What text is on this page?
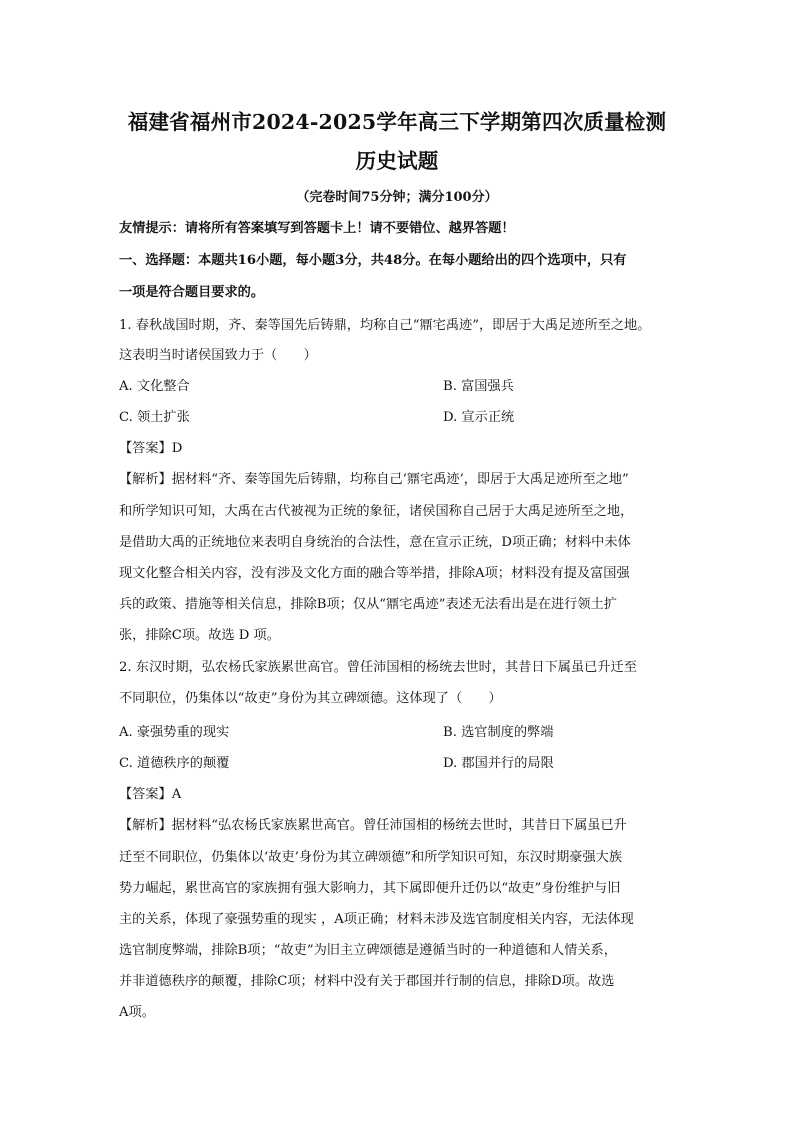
福建省福州市2024-2025学年高三下学期第四次质量检测
历史试题
（完卷时间75分钟；满分100分）
友情提示：请将所有答案填写到答题卡上！请不要错位、越界答题！
一、选择题：本题共16小题，每小题3分，共48分。在每小题给出的四个选项中，只有
一项是符合题目要求的。
1. 春秋战国时期，齐、秦等国先后铸鼎，均称自己“鼏宅禹迹”，即居于大禹足迹所至之地。
这表明当时诸侯国致力于（　　）
A. 文化整合	B. 富国强兵
C. 领土扩张	D. 宣示正统
【答案】D
【解析】据材料“齐、秦等国先后铸鼎，均称自己‘鼏宅禹迹’，即居于大禹足迹所至之地”
和所学知识可知，大禹在古代被视为正统的象征，诸侯国称自己居于大禹足迹所至之地，
是借助大禹的正统地位来表明自身统治的合法性，意在宣示正统，D项正确；材料中未体
现文化整合相关内容，没有涉及文化方面的融合等举措，排除A项；材料没有提及富国强
兵的政策、措施等相关信息，排除B项；仅从“鼏宅禹迹”表述无法看出是在进行领土扩
张，排除C项。故选 D 项。
2. 东汉时期，弘农杨氏家族累世高官。曾任沛国相的杨统去世时，其昔日下属虽已升迁至
不同职位，仍集体以“故吏”身份为其立碑颂德。这体现了（　　）
A. 豪强势重的现实	B. 选官制度的弊端
C. 道德秩序的颠覆	D. 郡国并行的局限
【答案】A
【解析】据材料“弘农杨氏家族累世高官。曾任沛国相的杨统去世时，其昔日下属虽已升
迁至不同职位，仍集体以‘故吏’身份为其立碑颂德”和所学知识可知，东汉时期豪强大族
势力崛起，累世高官的家族拥有强大影响力，其下属即便升迁仍以“故吏”身份维护与旧
主的关系，体现了豪强势重的现实 ，A项正确；材料未涉及选官制度相关内容，无法体现
选官制度弊端，排除B项；“故吏”为旧主立碑颂德是遵循当时的一种道德和人情关系，
并非道德秩序的颠覆，排除C项；材料中没有关于郡国并行制的信息，排除D项。故选
A项。
